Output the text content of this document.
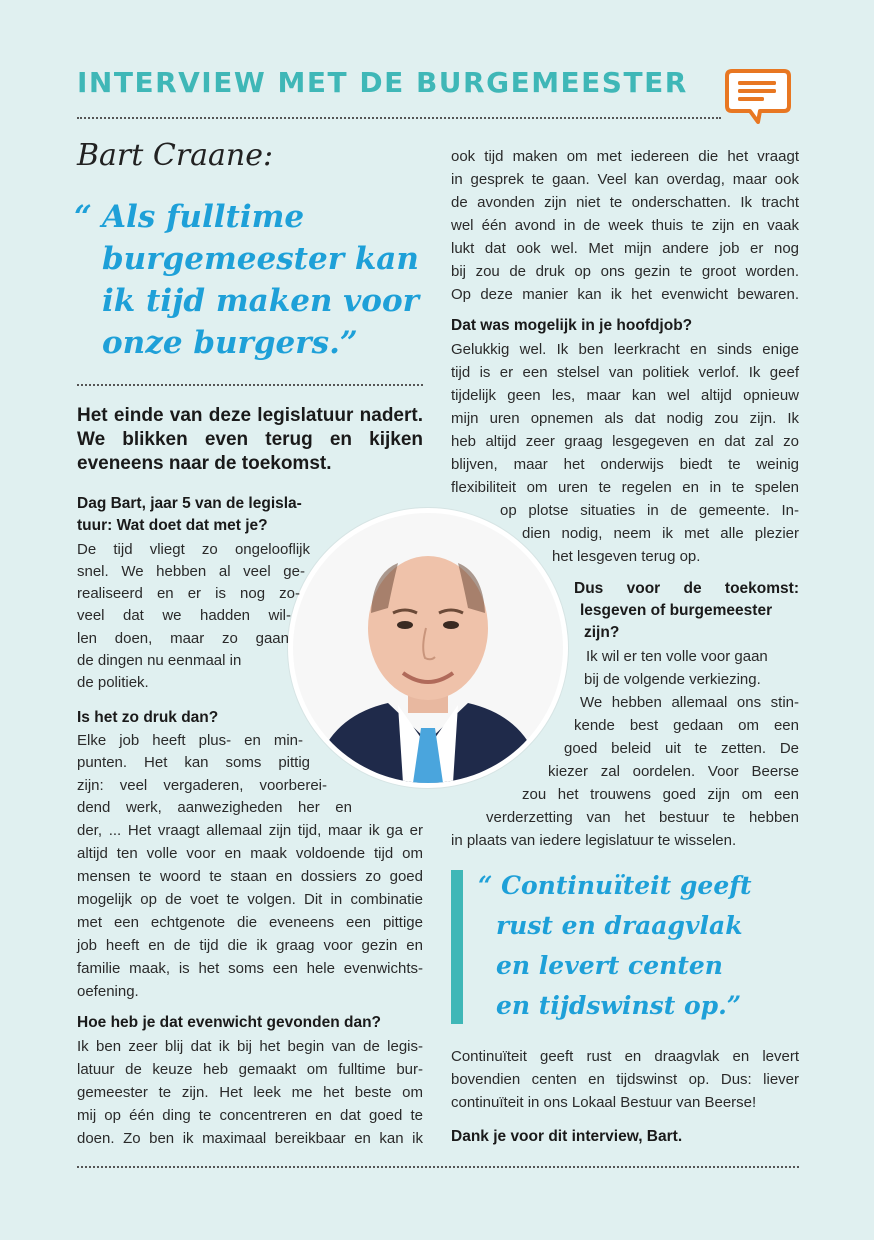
INTERVIEW MET DE BURGEMEESTER
Bart Craane:
“ Als fulltime
burgemeester kan
ik tijd maken voor
onze burgers.”
Het einde van deze legislatuur nadert. We blikken even terug en kijken eveneens naar de toekomst.
Dag Bart, jaar 5 van de legisla-
tuur: Wat doet dat met je?
De tijd vliegt zo ongelooflijk
snel. We hebben al veel ge-
realiseerd en er is nog zo-
veel dat we hadden wil-
len doen, maar zo gaan
de dingen nu eenmaal in
de politiek.
Is het zo druk dan?
Elke job heeft plus- en min-
punten. Het kan soms pittig
zijn: veel vergaderen, voorberei-
dend werk, aanwezigheden her en
der, ... Het vraagt allemaal zijn tijd, maar ik ga er
altijd ten volle voor en maak voldoende tijd om
mensen te woord te staan en dossiers zo goed
mogelijk op de voet te volgen. Dit in combinatie
met een echtgenote die eveneens een pittige
job heeft en de tijd die ik graag voor gezin en
familie maak, is het soms een hele evenwichts-
oefening.
Hoe heb je dat evenwicht gevonden dan?
Ik ben zeer blij dat ik bij het begin van de legis-
latuur de keuze heb gemaakt om fulltime bur-
gemeester te zijn. Het leek me het beste om
mij op één ding te concentreren en dat goed te
doen. Zo ben ik maximaal bereikbaar en kan ik
ook tijd maken om met iedereen die het vraagt
in gesprek te gaan. Veel kan overdag, maar ook
de avonden zijn niet te onderschatten. Ik tracht
wel één avond in de week thuis te zijn en vaak
lukt dat ook wel. Met mijn andere job er nog
bij zou de druk op ons gezin te groot worden.
Op deze manier kan ik het evenwicht bewaren.
Dat was mogelijk in je hoofdjob?
Gelukkig wel. Ik ben leerkracht en sinds enige
tijd is er een stelsel van politiek verlof. Ik geef
tijdelijk geen les, maar kan wel altijd opnieuw
mijn uren opnemen als dat nodig zou zijn. Ik
heb altijd zeer graag lesgegeven en dat zal zo
blijven, maar het onderwijs biedt te weinig
flexibiliteit om uren te regelen en in te spelen
op plotse situaties in de gemeente. In-
dien nodig, neem ik met alle plezier
het lesgeven terug op.
Dus voor de toekomst:
lesgeven of burgemeester
zijn?
Ik wil er ten volle voor gaan
bij de volgende verkiezing.
We hebben allemaal ons stin-
kende best gedaan om een
goed beleid uit te zetten. De
kiezer zal oordelen. Voor Beerse
zou het trouwens goed zijn om een
verderzetting van het bestuur te hebben
in plaats van iedere legislatuur te wisselen.
“ Continuïteit geeft
rust en draagvlak
en levert centen
en tijdswinst op.”
Continuïteit geeft rust en draagvlak en levert
bovendien centen en tijdswinst op. Dus: liever
continuïteit in ons Lokaal Bestuur van Beerse!
Dank je voor dit interview, Bart.
